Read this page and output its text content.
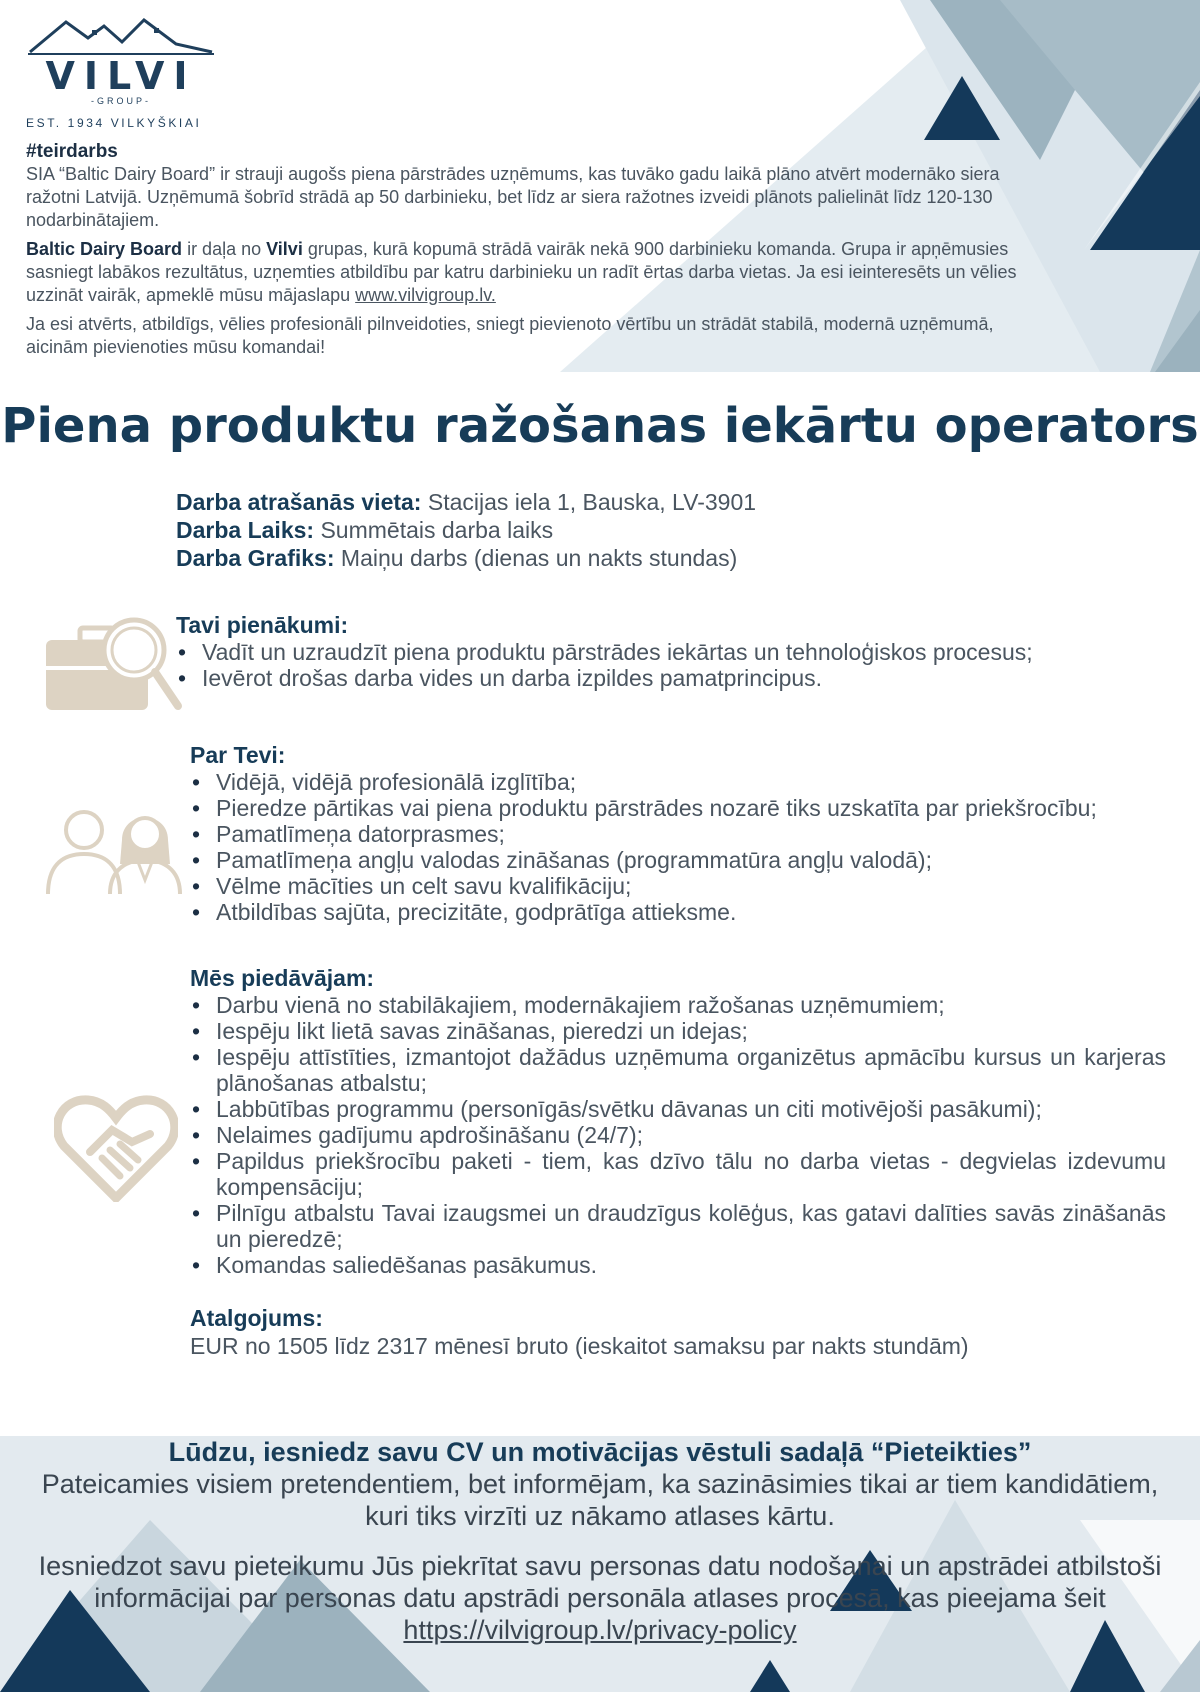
VILVI
-GROUP-
EST. 1934 VILKYŠKIAI
#teirdarbs

SIA “Baltic Dairy Board” ir strauji augošs piena pārstrādes uzņēmums, kas tuvāko gadu laikā plāno atvērt modernāko siera ražotni Latvijā. Uzņēmumā šobrīd strādā ap 50 darbinieku, bet līdz ar siera ražotnes izveidi plānots palielināt līdz 120-130 nodarbinātajiem.

Baltic Dairy Board ir daļa no Vilvi grupas, kurā kopumā strādā vairāk nekā 900 darbinieku komanda. Grupa ir apņēmusies sasniegt labākos rezultātus, uzņemties atbildību par katru darbinieku un radīt ērtas darba vietas. Ja esi ieinteresēts un vēlies uzzināt vairāk, apmeklē mūsu mājaslapu www.vilvigroup.lv.

Ja esi atvērts, atbildīgs, vēlies profesionāli pilnveidoties, sniegt pievienoto vērtību un strādāt stabilā, modernā uzņēmumā, aicinām pievienoties mūsu komandai!

Piena produktu ražošanas iekārtu operators
Darba atrašanās vieta: Stacijas iela 1, Bauska, LV-3901
Darba Laiks: Summētais darba laiks
Darba Grafiks: Maiņu darbs (dienas un nakts stundas)
Tavi pienākumi:
• Vadīt un uzraudzīt piena produktu pārstrādes iekārtas un tehnoloģiskos procesus;
• Ievērot drošas darba vides un darba izpildes pamatprincipus.
Par Tevi:
• Vidējā, vidējā profesionālā izglītība;
• Pieredze pārtikas vai piena produktu pārstrādes nozarē tiks uzskatīta par priekšrocību;
• Pamatlīmeņa datorprasmes;
• Pamatlīmeņa angļu valodas zināšanas (programmatūra angļu valodā);
• Vēlme mācīties un celt savu kvalifikāciju;
• Atbildības sajūta, precizitāte, godprātīga attieksme.
Mēs piedāvājam:
• Darbu vienā no stabilākajiem, modernākajiem ražošanas uzņēmumiem;
• Iespēju likt lietā savas zināšanas, pieredzi un idejas;
• Iespēju attīstīties, izmantojot dažādus uzņēmuma organizētus apmācību kursus un karjeras plānošanas atbalstu;
• Labbūtības programmu (personīgās/svētku dāvanas un citi motivējoši pasākumi);
• Nelaimes gadījumu apdrošināšanu (24/7);
• Papildus priekšrocību paketi - tiem, kas dzīvo tālu no darba vietas - degvielas izdevumu kompensāciju;
• Pilnīgu atbalstu Tavai izaugsmei un draudzīgus kolēģus, kas gatavi dalīties savās zināšanās un pieredzē;
• Komandas saliedēšanas pasākumus.
Atalgojums:
EUR no 1505 līdz 2317 mēnesī bruto (ieskaitot samaksu par nakts stundām)

Lūdzu, iesniedz savu CV un motivācijas vēstuli sadaļā “Pieteikties”

Pateicamies visiem pretendentiem, bet informējam, ka sazināsimies tikai ar tiem kandidātiem, kuri tiks virzīti uz nākamo atlases kārtu.

Iesniedzot savu pieteikumu Jūs piekrītat savu personas datu nodošanai un apstrādei atbilstoši informācijai par personas datu apstrādi personāla atlases procesā, kas pieejama šeit

https://vilvigroup.lv/privacy-policy
